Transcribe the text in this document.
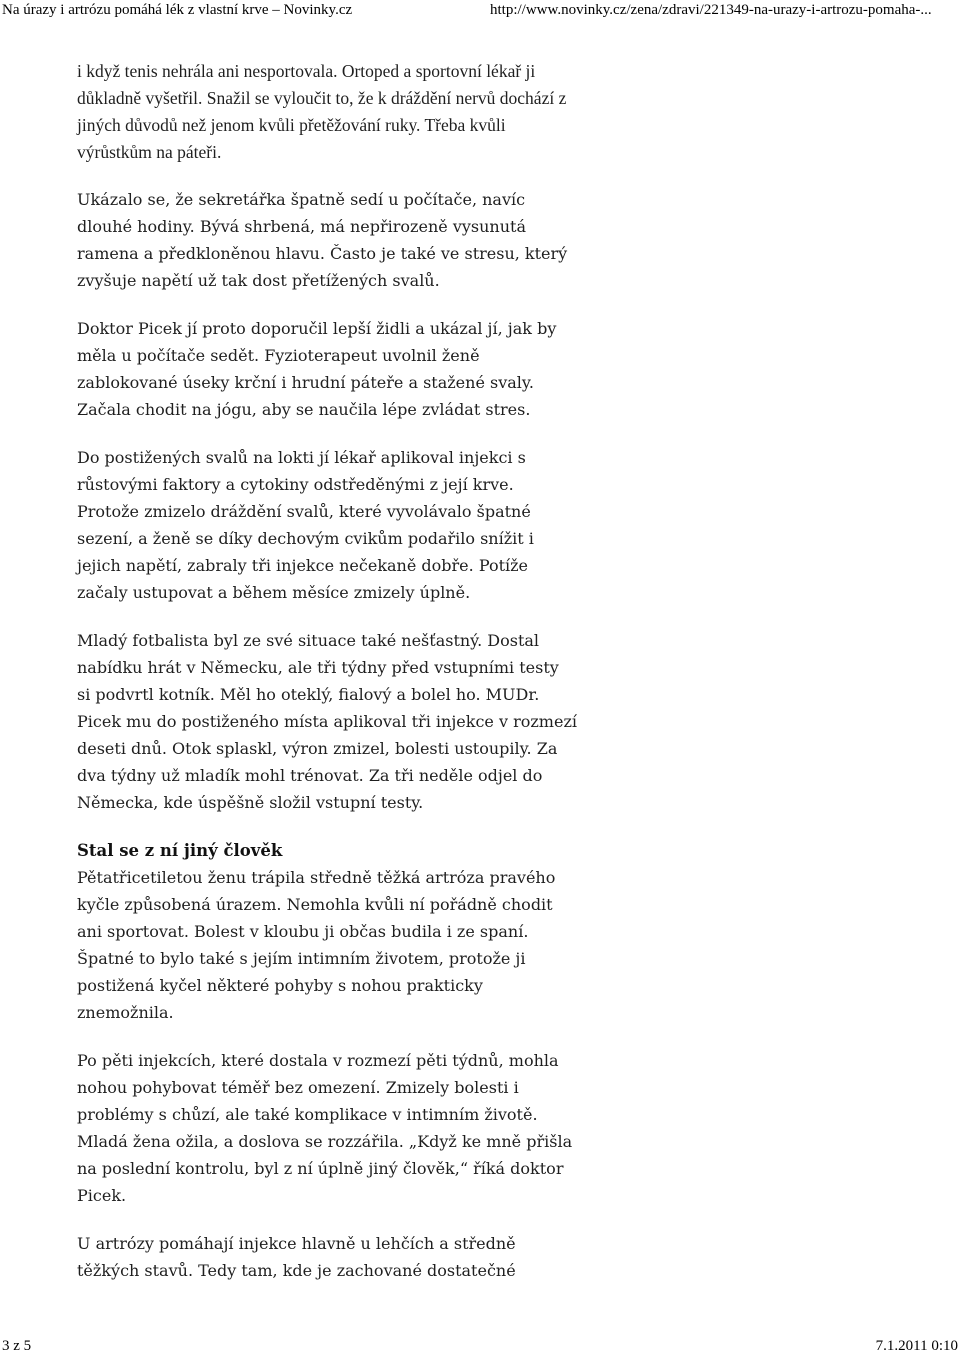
Na úrazy i artrózu pomáhá lék z vlastní krve – Novinky.cz	http://www.novinky.cz/zena/zdravi/221349-na-urazy-i-artrozu-pomaha-...

i když tenis nehrála ani nesportovala. Ortoped a sportovní lékař ji důkladně vyšetřil. Snažil se vyloučit to, že k dráždění nervů dochází z jiných důvodů než jenom kvůli přetěžování ruky. Třeba kvůli výrůstkům na páteři.

Ukázalo se, že sekretářka špatně sedí u počítače, navíc dlouhé hodiny. Bývá shrbená, má nepřirozeně vysunutá ramena a předkloněnou hlavu. Často je také ve stresu, který zvyšuje napětí už tak dost přetížených svalů.

Doktor Picek jí proto doporučil lepší židli a ukázal jí, jak by měla u počítače sedět. Fyzioterapeut uvolnil ženě zablokované úseky krční i hrudní páteře a stažené svaly. Začala chodit na jógu, aby se naučila lépe zvládat stres.

Do postižených svalů na lokti jí lékař aplikoval injekci s růstovými faktory a cytokiny odstředěnými z její krve. Protože zmizelo dráždění svalů, které vyvolávalo špatné sezení, a ženě se díky dechovým cvikům podařilo snížit i jejich napětí, zabraly tři injekce nečekaně dobře. Potíže začaly ustupovat a během měsíce zmizely úplně.

Mladý fotbalista byl ze své situace také nešťastný. Dostal nabídku hrát v Německu, ale tři týdny před vstupními testy si podvrtl kotník. Měl ho oteklý, fialový a bolel ho. MUDr. Picek mu do postiženého místa aplikoval tři injekce v rozmezí deseti dnů. Otok splaskl, výron zmizel, bolesti ustoupily. Za dva týdny už mladík mohl trénovat. Za tři neděle odjel do Německa, kde úspěšně složil vstupní testy.

Stal se z ní jiný člověk

Pětatřicetiletou ženu trápila středně těžká artróza pravého kyčle způsobená úrazem. Nemohla kvůli ní pořádně chodit ani sportovat. Bolest v kloubu ji občas budila i ze spaní. Špatné to bylo také s jejím intimním životem, protože ji postižená kyčel některé pohyby s nohou prakticky znemožnila.

Po pěti injekcích, které dostala v rozmezí pěti týdnů, mohla nohou pohybovat téměř bez omezení. Zmizely bolesti i problémy s chůzí, ale také komplikace v intimním životě. Mladá žena ožila, a doslova se rozzářila. „Když ke mně přišla na poslední kontrolu, byl z ní úplně jiný člověk,“ říká doktor Picek.

U artrózy pomáhají injekce hlavně u lehčích a středně těžkých stavů. Tedy tam, kde je zachované dostatečné

3 z 5	7.1.2011 0:10
